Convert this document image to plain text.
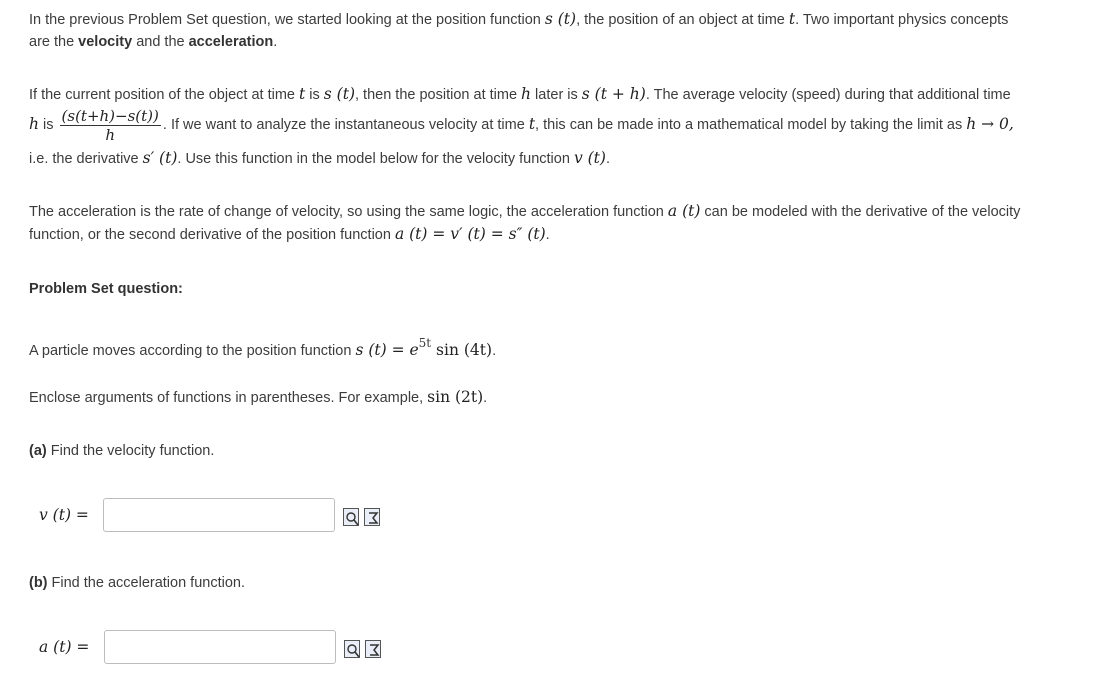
In the previous Problem Set question, we started looking at the position function s (t), the position of an object at time t. Two important physics concepts
are the velocity and the acceleration.
If the current position of the object at time t is s (t), then the position at time h later is s (t + h). The average velocity (speed) during that additional time
h is $\frac{(s(t+h)-s(t))}{h}$ . If we want to analyze the instantaneous velocity at time t, this can be made into a mathematical model by taking the limit as h → 0,
i.e. the derivative s′ (t). Use this function in the model below for the velocity function v (t).
The acceleration is the rate of change of velocity, so using the same logic, the acceleration function a (t) can be modeled with the derivative of the velocity
function, or the second derivative of the position function a (t) = v′ (t) = s″ (t).
Problem Set question:
A particle moves according to the position function s $(t) = e^{5t}$ sin (4t).
Enclose arguments of functions in parentheses. For example, sin (2t).
(a) Find the velocity function.
v (t) =
(b) Find the acceleration function.
a (t) =
